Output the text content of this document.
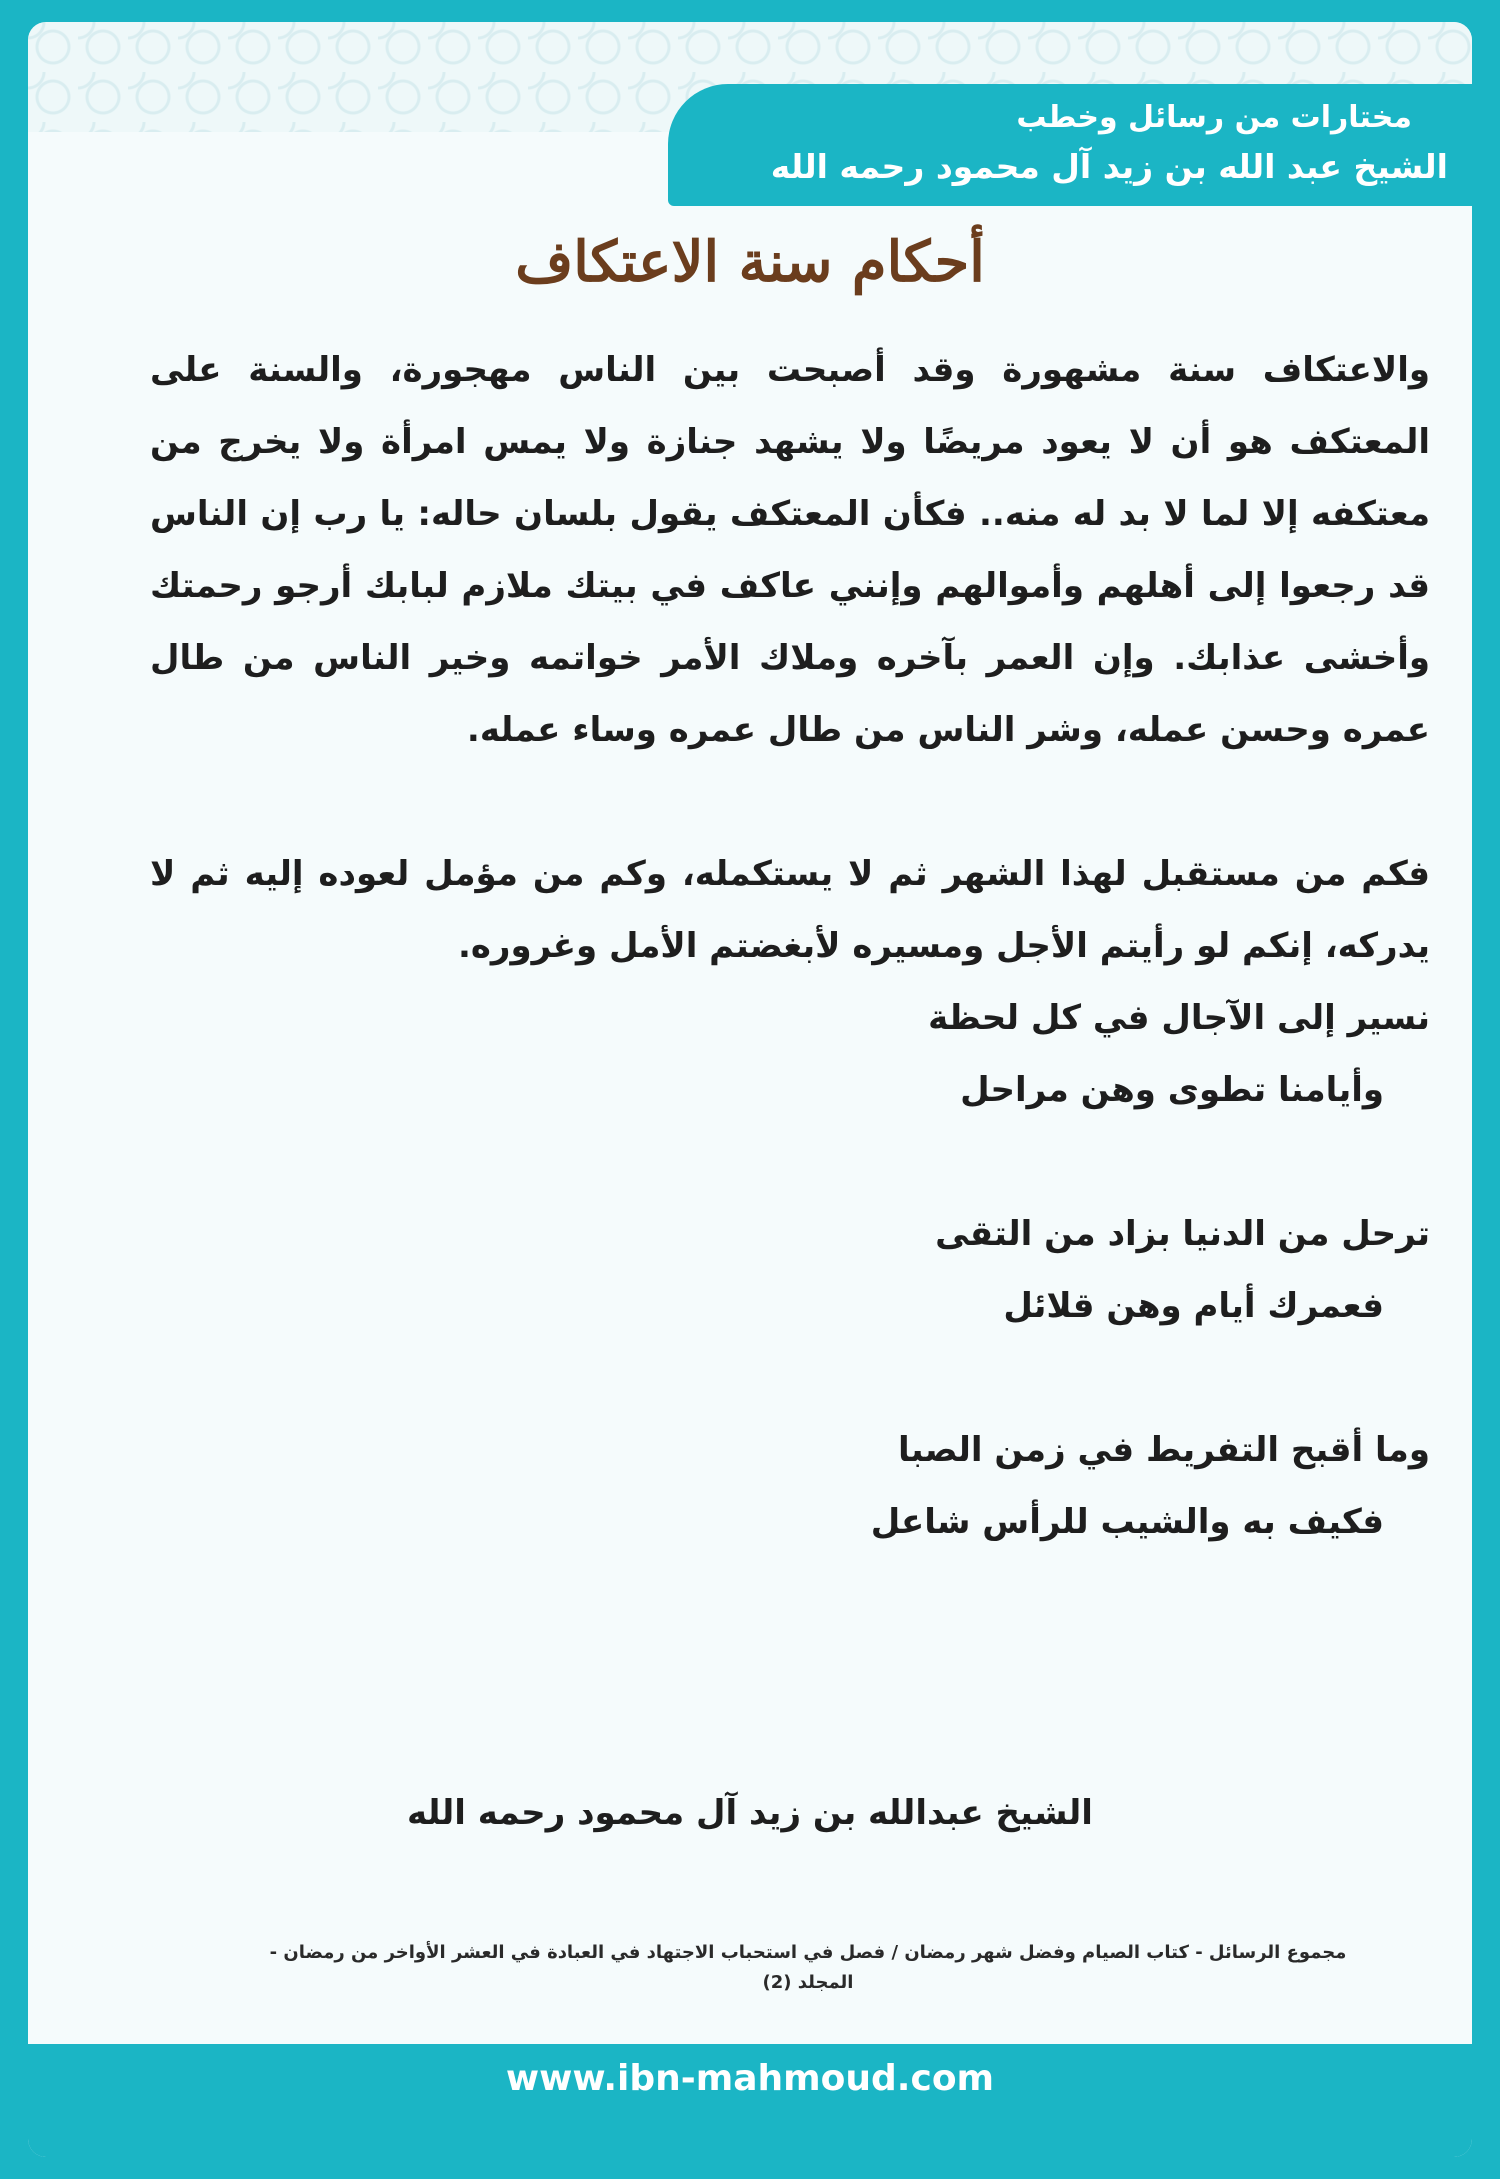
مختارات من رسائل وخطب
الشيخ عبد الله بن زيد آل محمود رحمه الله
أحكام سنة الاعتكاف

والاعتكاف سنة مشهورة وقد أصبحت بين الناس مهجورة، والسنة على المعتكف هو أن لا يعود مريضًا ولا يشهد جنازة ولا يمس امرأة ولا يخرج من معتكفه إلا لما لا بد له منه.. فكأن المعتكف يقول بلسان حاله: يا رب إن الناس قد رجعوا إلى أهلهم وأموالهم وإنني عاكف في بيتك ملازم لبابك أرجو رحمتك وأخشى عذابك. وإن العمر بآخره وملاك الأمر خواتمه وخير الناس من طال عمره وحسن عمله، وشر الناس من طال عمره وساء عمله.

فكم من مستقبل لهذا الشهر ثم لا يستكمله، وكم من مؤمل لعوده إليه ثم لا يدركه، إنكم لو رأيتم الأجل ومسيره لأبغضتم الأمل وغروره.

نسير إلى الآجال في كل لحظة
وأيامنا تطوى وهن مراحل
ترحل من الدنيا بزاد من التقى
فعمرك أيام وهن قلائل
وما أقبح التفريط في زمن الصبا
فكيف به والشيب للرأس شاعل
الشيخ عبدالله بن زيد آل محمود رحمه الله
مجموع الرسائل - كتاب الصيام وفضل شهر رمضان / فصل في استحباب الاجتهاد في العبادة في العشر الأواخر من رمضان -
المجلد (2)
www.ibn-mahmoud.com
